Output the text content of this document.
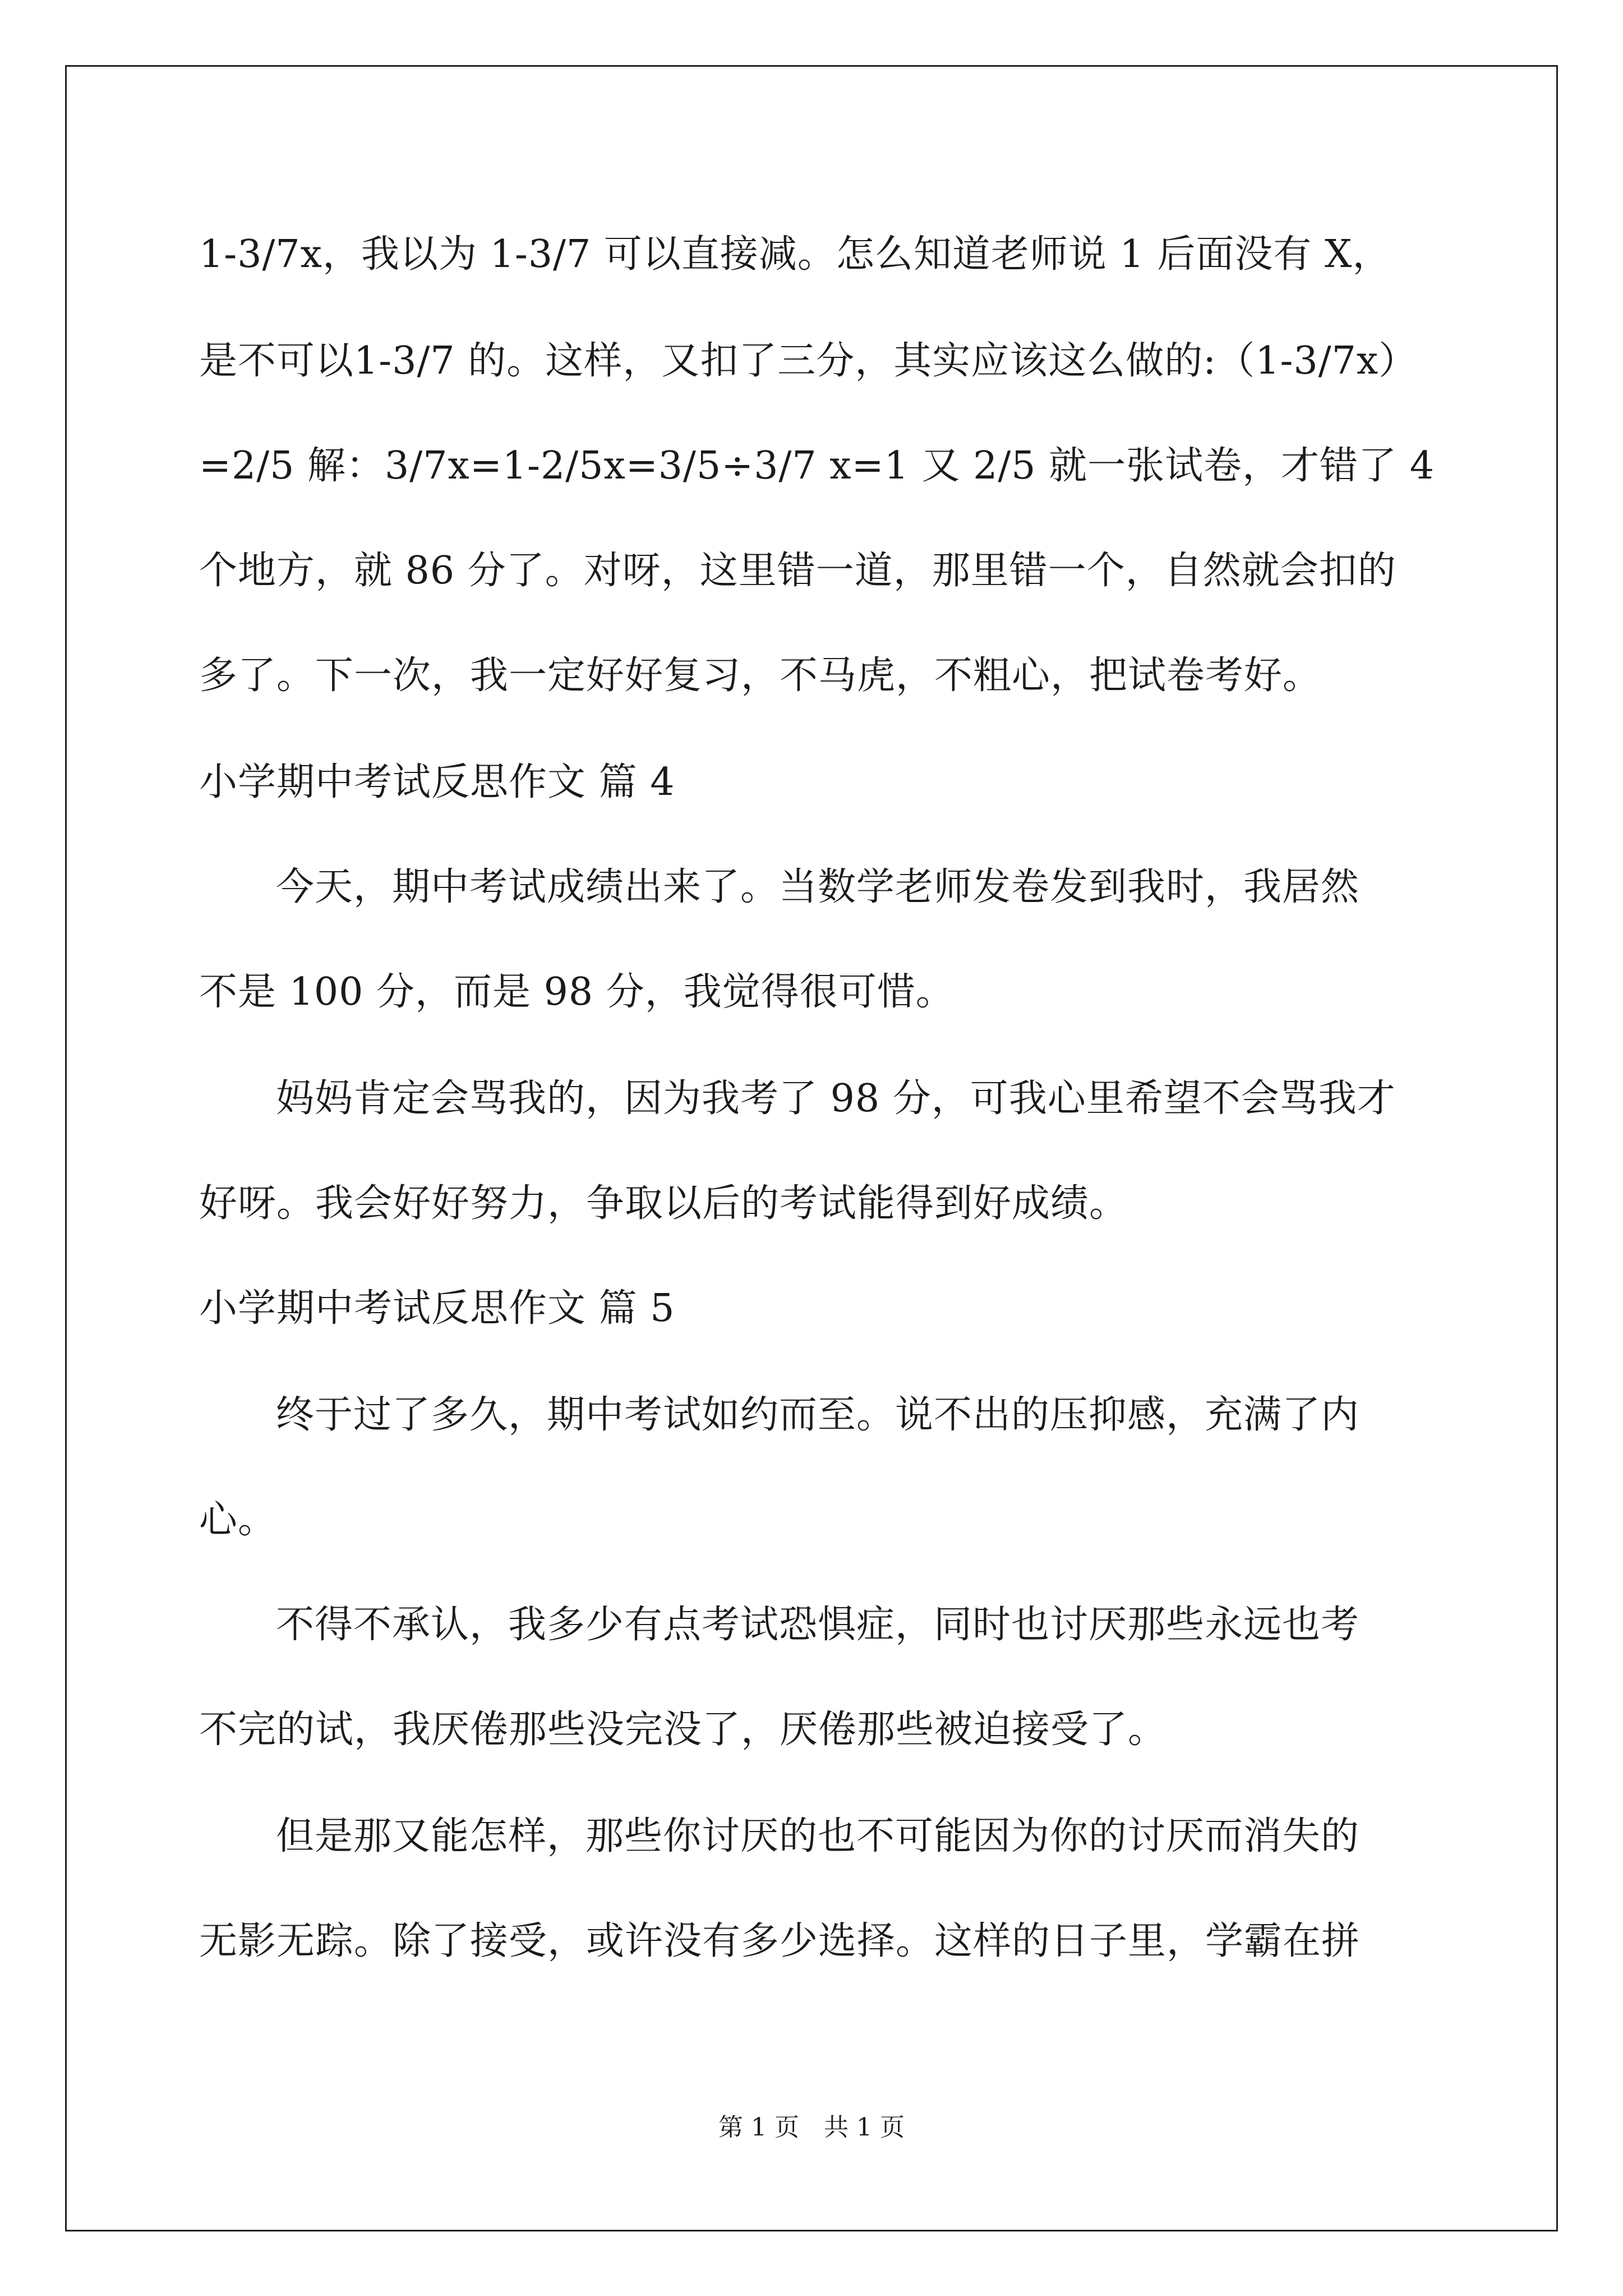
1-3/7x，我以为 1-3/7 可以直接减。怎么知道老师说 1 后面没有 X，
是不可以1-3/7 的。这样，又扣了三分，其实应该这么做的:（1-3/7x）
=2/5 解：3/7x=1-2/5x=3/5÷3/7 x=1 又 2/5 就一张试卷，才错了 4
个地方，就 86 分了。对呀，这里错一道，那里错一个，自然就会扣的
多了。下一次，我一定好好复习，不马虎，不粗心，把试卷考好。
小学期中考试反思作文 篇 4
今天，期中考试成绩出来了。当数学老师发卷发到我时，我居然
不是 100 分，而是 98 分，我觉得很可惜。
妈妈肯定会骂我的，因为我考了 98 分，可我心里希望不会骂我才
好呀。我会好好努力，争取以后的考试能得到好成绩。
小学期中考试反思作文 篇 5
终于过了多久，期中考试如约而至。说不出的压抑感，充满了内
心。
不得不承认，我多少有点考试恐惧症，同时也讨厌那些永远也考
不完的试，我厌倦那些没完没了，厌倦那些被迫接受了。
但是那又能怎样，那些你讨厌的也不可能因为你的讨厌而消失的
无影无踪。除了接受，或许没有多少选择。这样的日子里，学霸在拼
第 1 页 共 1 页
